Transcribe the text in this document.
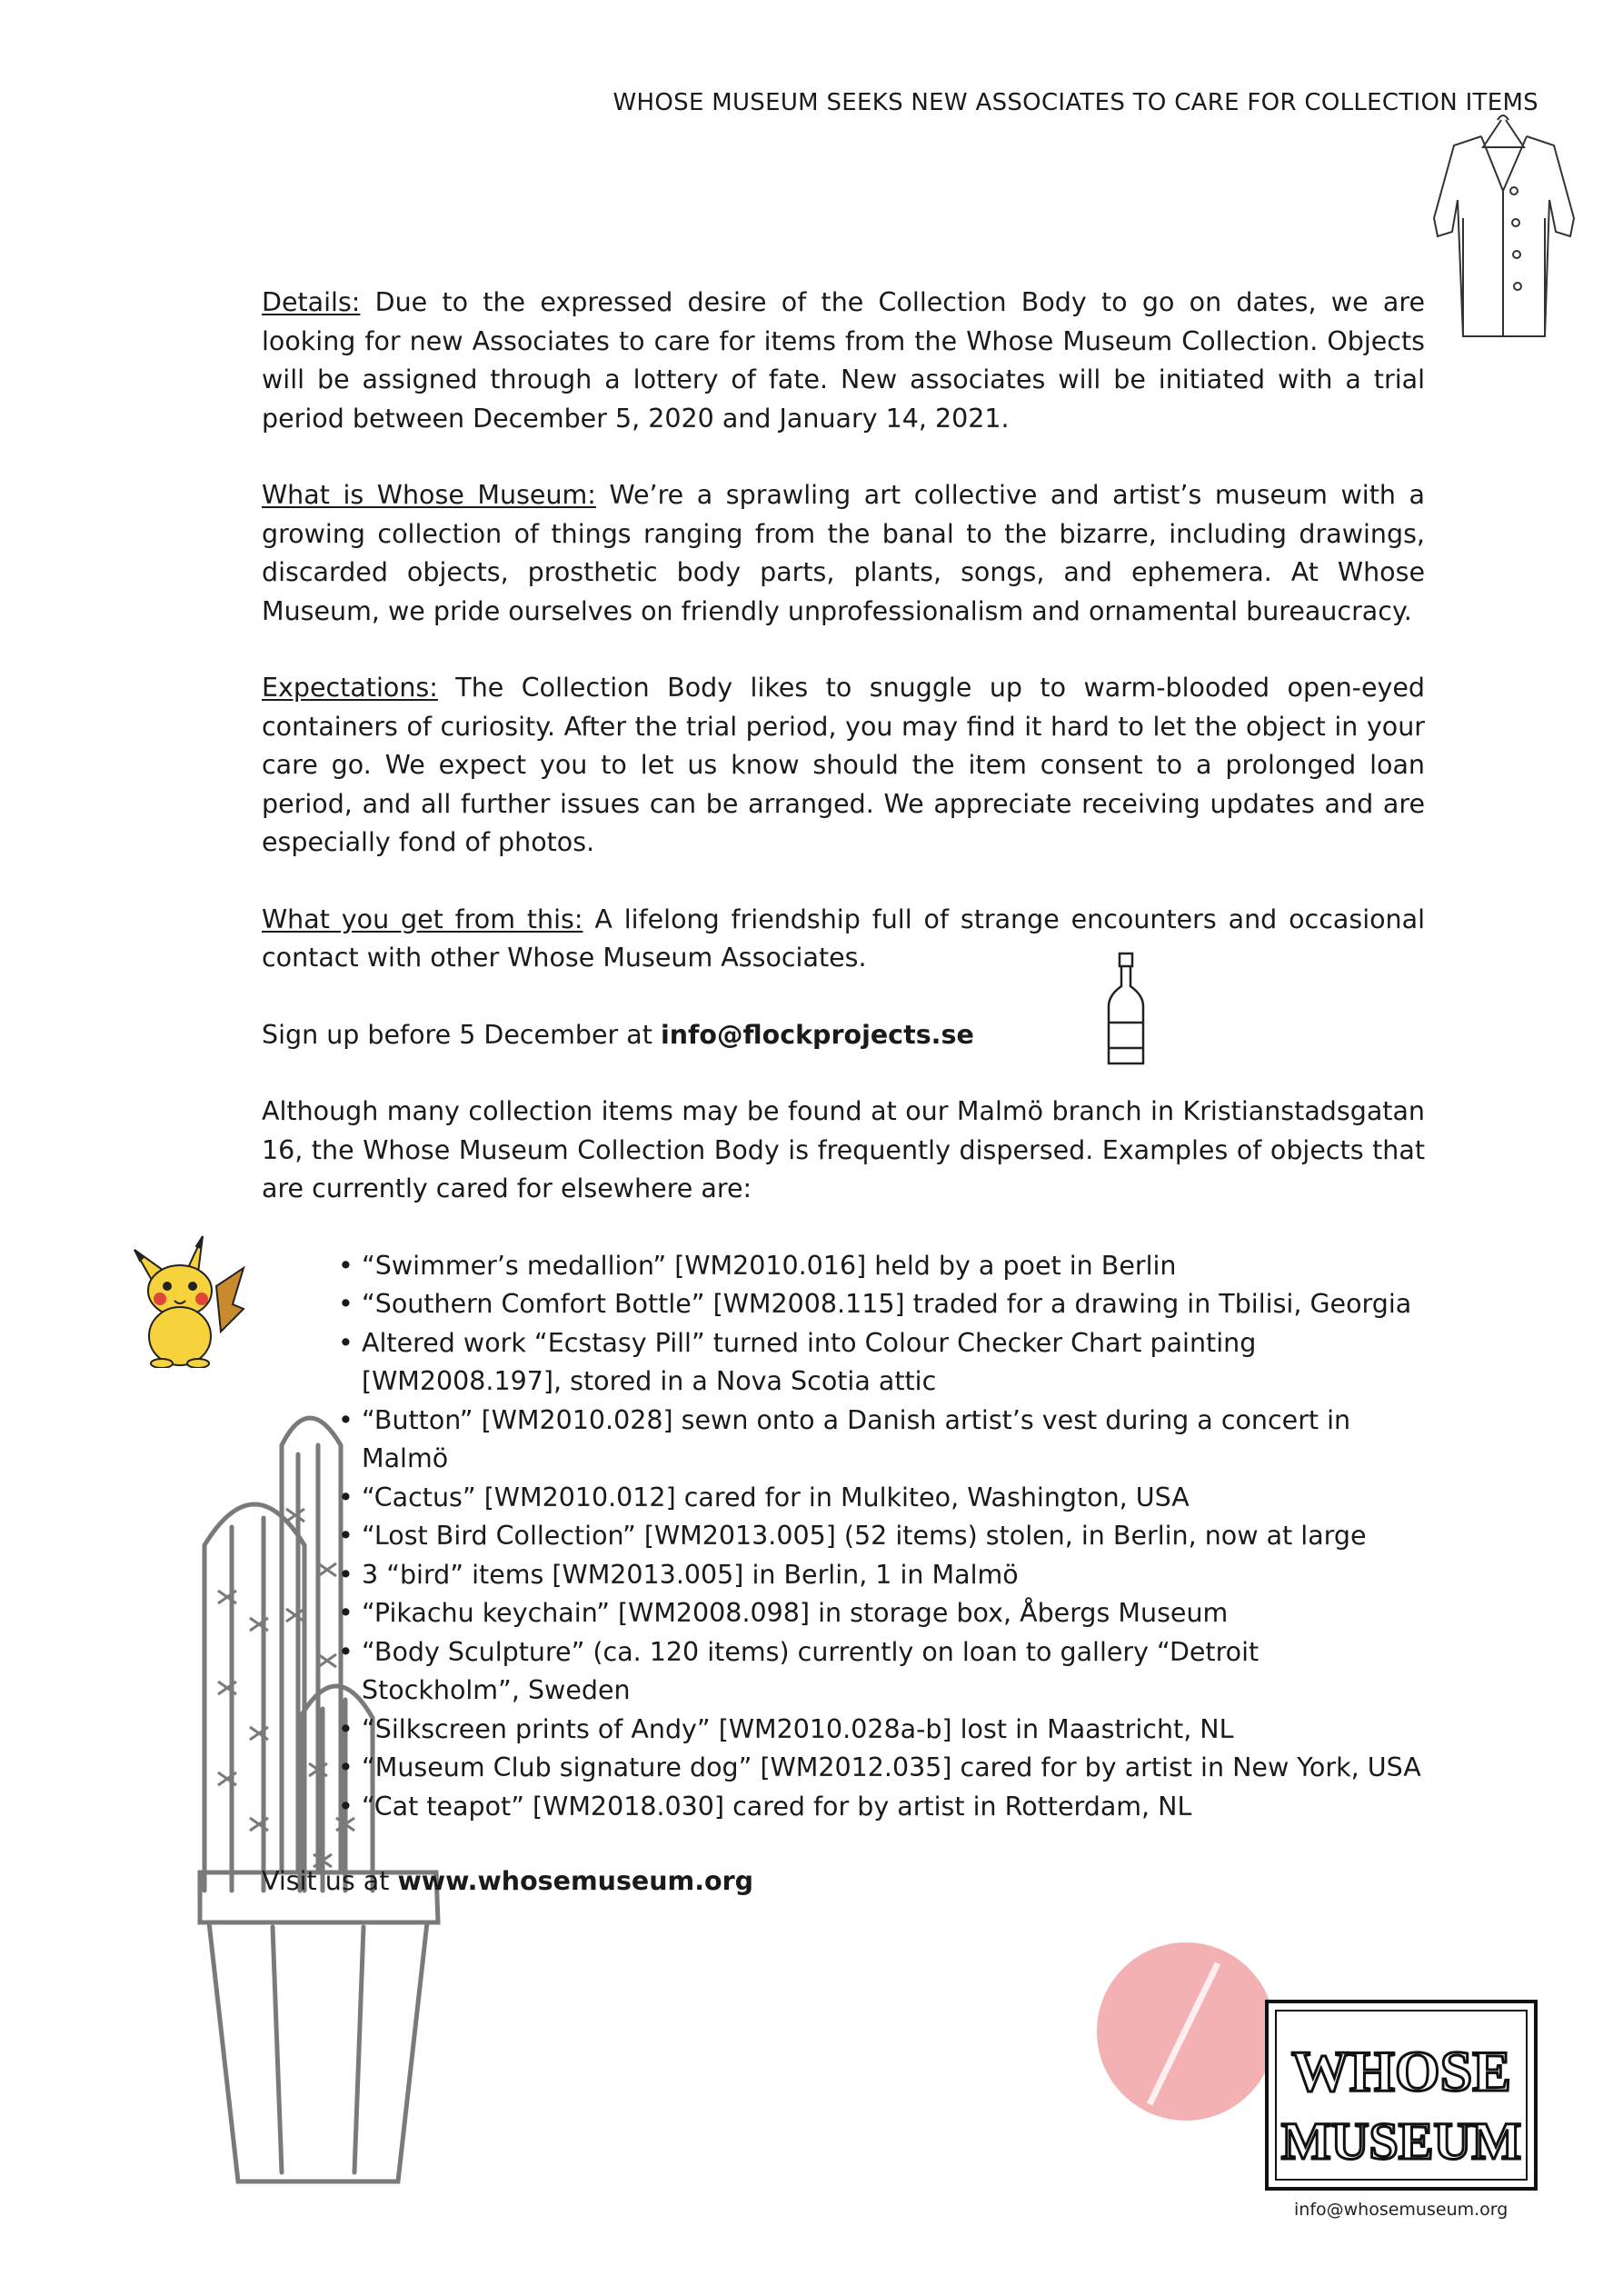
WHOSE MUSEUM SEEKS NEW ASSOCIATES TO CARE FOR COLLECTION ITEMS
WHOSE
MUSEUM
info@whosemuseum.org

Details: Due to the expressed desire of the Collection Body to go on dates, we are looking for new Associates to care for items from the Whose Museum Collection. Objects will be assigned through a lottery of fate. New associates will be initiated with a trial period between December 5, 2020 and January 14, 2021.

What is Whose Museum: We’re a sprawling art collective and artist’s museum with a growing collection of things ranging from the banal to the bizarre, including drawings, discarded objects, prosthetic body parts, plants, songs, and ephemera. At Whose Museum, we pride ourselves on friendly unprofessionalism and ornamental bureaucracy.

Expectations: The Collection Body likes to snuggle up to warm-blooded open-eyed containers of curiosity. After the trial period, you may find it hard to let the object in your care go. We expect you to let us know should the item consent to a prolonged loan period, and all further issues can be arranged. We appreciate receiving updates and are especially fond of photos.

What you get from this: A lifelong friendship full of strange encounters and occasional contact with other Whose Museum Associates.

Sign up before 5 December at info@flockprojects.se

Although many collection items may be found at our Malmö branch in Kristianstadsgatan 16, the Whose Museum Collection Body is frequently dispersed. Examples of objects that are currently cared for elsewhere are:

• “Swimmer’s medallion” [WM2010.016] held by a poet in Berlin
• “Southern Comfort Bottle” [WM2008.115] traded for a drawing in Tbilisi, Georgia
• Altered work “Ecstasy Pill” turned into Colour Checker Chart painting [WM2008.197], stored in a Nova Scotia attic
• “Button” [WM2010.028] sewn onto a Danish artist’s vest during a concert in Malmö
• “Cactus” [WM2010.012] cared for in Mulkiteo, Washington, USA
• “Lost Bird Collection” [WM2013.005] (52 items) stolen, in Berlin, now at large
• 3 “bird” items [WM2013.005] in Berlin, 1 in Malmö
• “Pikachu keychain” [WM2008.098] in storage box, Åbergs Museum
• “Body Sculpture” (ca. 120 items) currently on loan to gallery “Detroit Stockholm”, Sweden
• “Silkscreen prints of Andy” [WM2010.028a-b] lost in Maastricht, NL
• “Museum Club signature dog” [WM2012.035] cared for by artist in New York, USA
• “Cat teapot” [WM2018.030] cared for by artist in Rotterdam, NL

Visit us at www.whosemuseum.org
